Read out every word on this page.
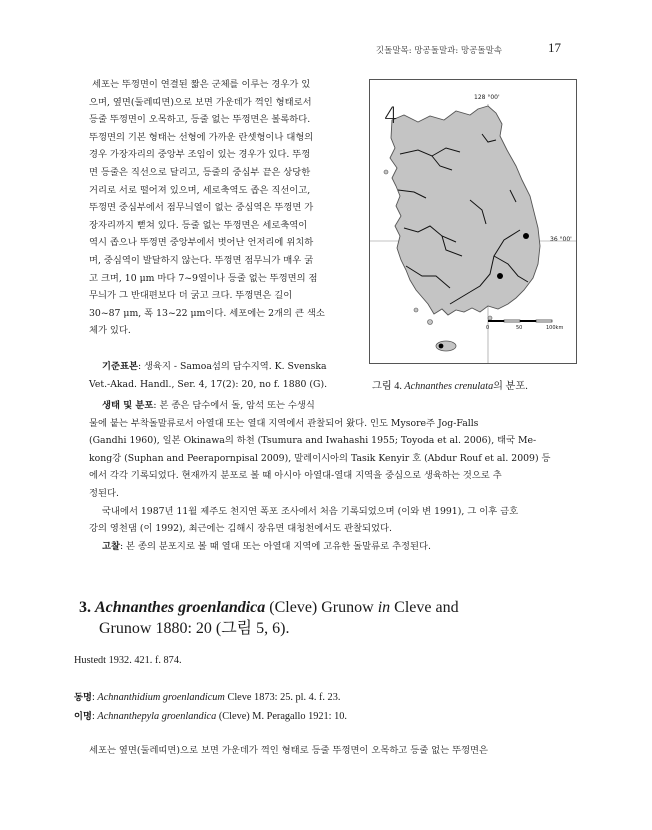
깃돌말목: 망공돌말과: 망공돌말속	17
세포는 뚜껑면이 연결된 짧은 군체를 이루는 경우가 있
으며, 옆면(둘레띠면)으로 보면 가운데가 꺽인 형태로서
등줄 뚜껑면이 오목하고, 등줄 없는 뚜껑면은 볼록하다.
뚜껑면의 기본 형태는 선형에 가까운 란셋형이나 대형의
경우 가장자리의 중앙부 조임이 있는 경우가 있다. 뚜껑
면 등줄은 직선으로 달리고, 등줄의 중심부 끝은 상당한
거리로 서로 떨어져 있으며, 세로축역도 좁은 직선이고,
뚜껑면 중심부에서 점무늬열이 없는 중심역은 뚜껑면 가
장자리까지 뻗쳐 있다. 등줄 없는 뚜껑면은 세로축역이
역시 좁으나 뚜껑면 중앙부에서 벗어난 언저리에 위치하
며, 중심역이 발달하지 않는다. 뚜껑면 점무늬가 매우 굵
고 크며, 10 μm 마다 7~9열이나 등줄 없는 뚜껑면의 점
무늬가 그 반대편보다 더 굵고 크다. 뚜껑면은 길이
30~87 μm, 폭 13~22 μm이다. 세포에는 2개의 큰 색소
체가 있다.
기준표본: 생육지 - Samoa섬의 담수지역. K. Svenska
Vet.-Akad. Handl., Ser. 4, 17(2): 20, no f. 1880 (G).
생태 및 분포: 본 종은 담수에서 돌, 암석 또는 수생식
물에 붙는 부착돌말류로서 아열대 또는 열대 지역에서 관찰되어 왔다. 인도 Mysore주 Jog-Falls
(Gandhi 1960), 일본 Okinawa의 하천 (Tsumura and Iwahashi 1955; Toyoda et al. 2006), 태국 Me-
kong강 (Suphan and Peerapornpisal 2009), 말레이시아의 Tasik Kenyir 호 (Abdur Rouf et al. 2009) 등
에서 각각 기록되었다. 현재까지 분포로 볼 때 아시아 아열대-열대 지역을 중심으로 생육하는 것으로 추
정된다.
국내에서 1987년 11월 제주도 천지연 폭포 조사에서 처음 기록되었으며 (이와 변 1991), 그 이후 금호
강의 영천댐 (이 1992), 최근에는 김해시 장유면 대청천에서도 관찰되었다.
고찰: 본 종의 분포지로 볼 때 열대 또는 아열대 지역에 고유한 돌말류로 추정된다.
3. Achnanthes groenlandica (Cleve) Grunow in Cleve and
Grunow 1880: 20 (그림 5, 6).
Hustedt 1932. 421. f. 874.
동명: Achnanthidium groenlandicum Cleve 1873: 25. pl. 4. f. 23.
이명: Achnanthepyla groenlandica (Cleve) M. Peragallo 1921: 10.
세포는 옆면(둘레띠면)으로 보면 가운데가 꺽인 형태로 등줄 뚜껑면이 오목하고 등줄 없는 뚜껑면은
4
128 °00'
36 °00'
0	50	100km
그림 4. Achnanthes crenulata의 분포.
